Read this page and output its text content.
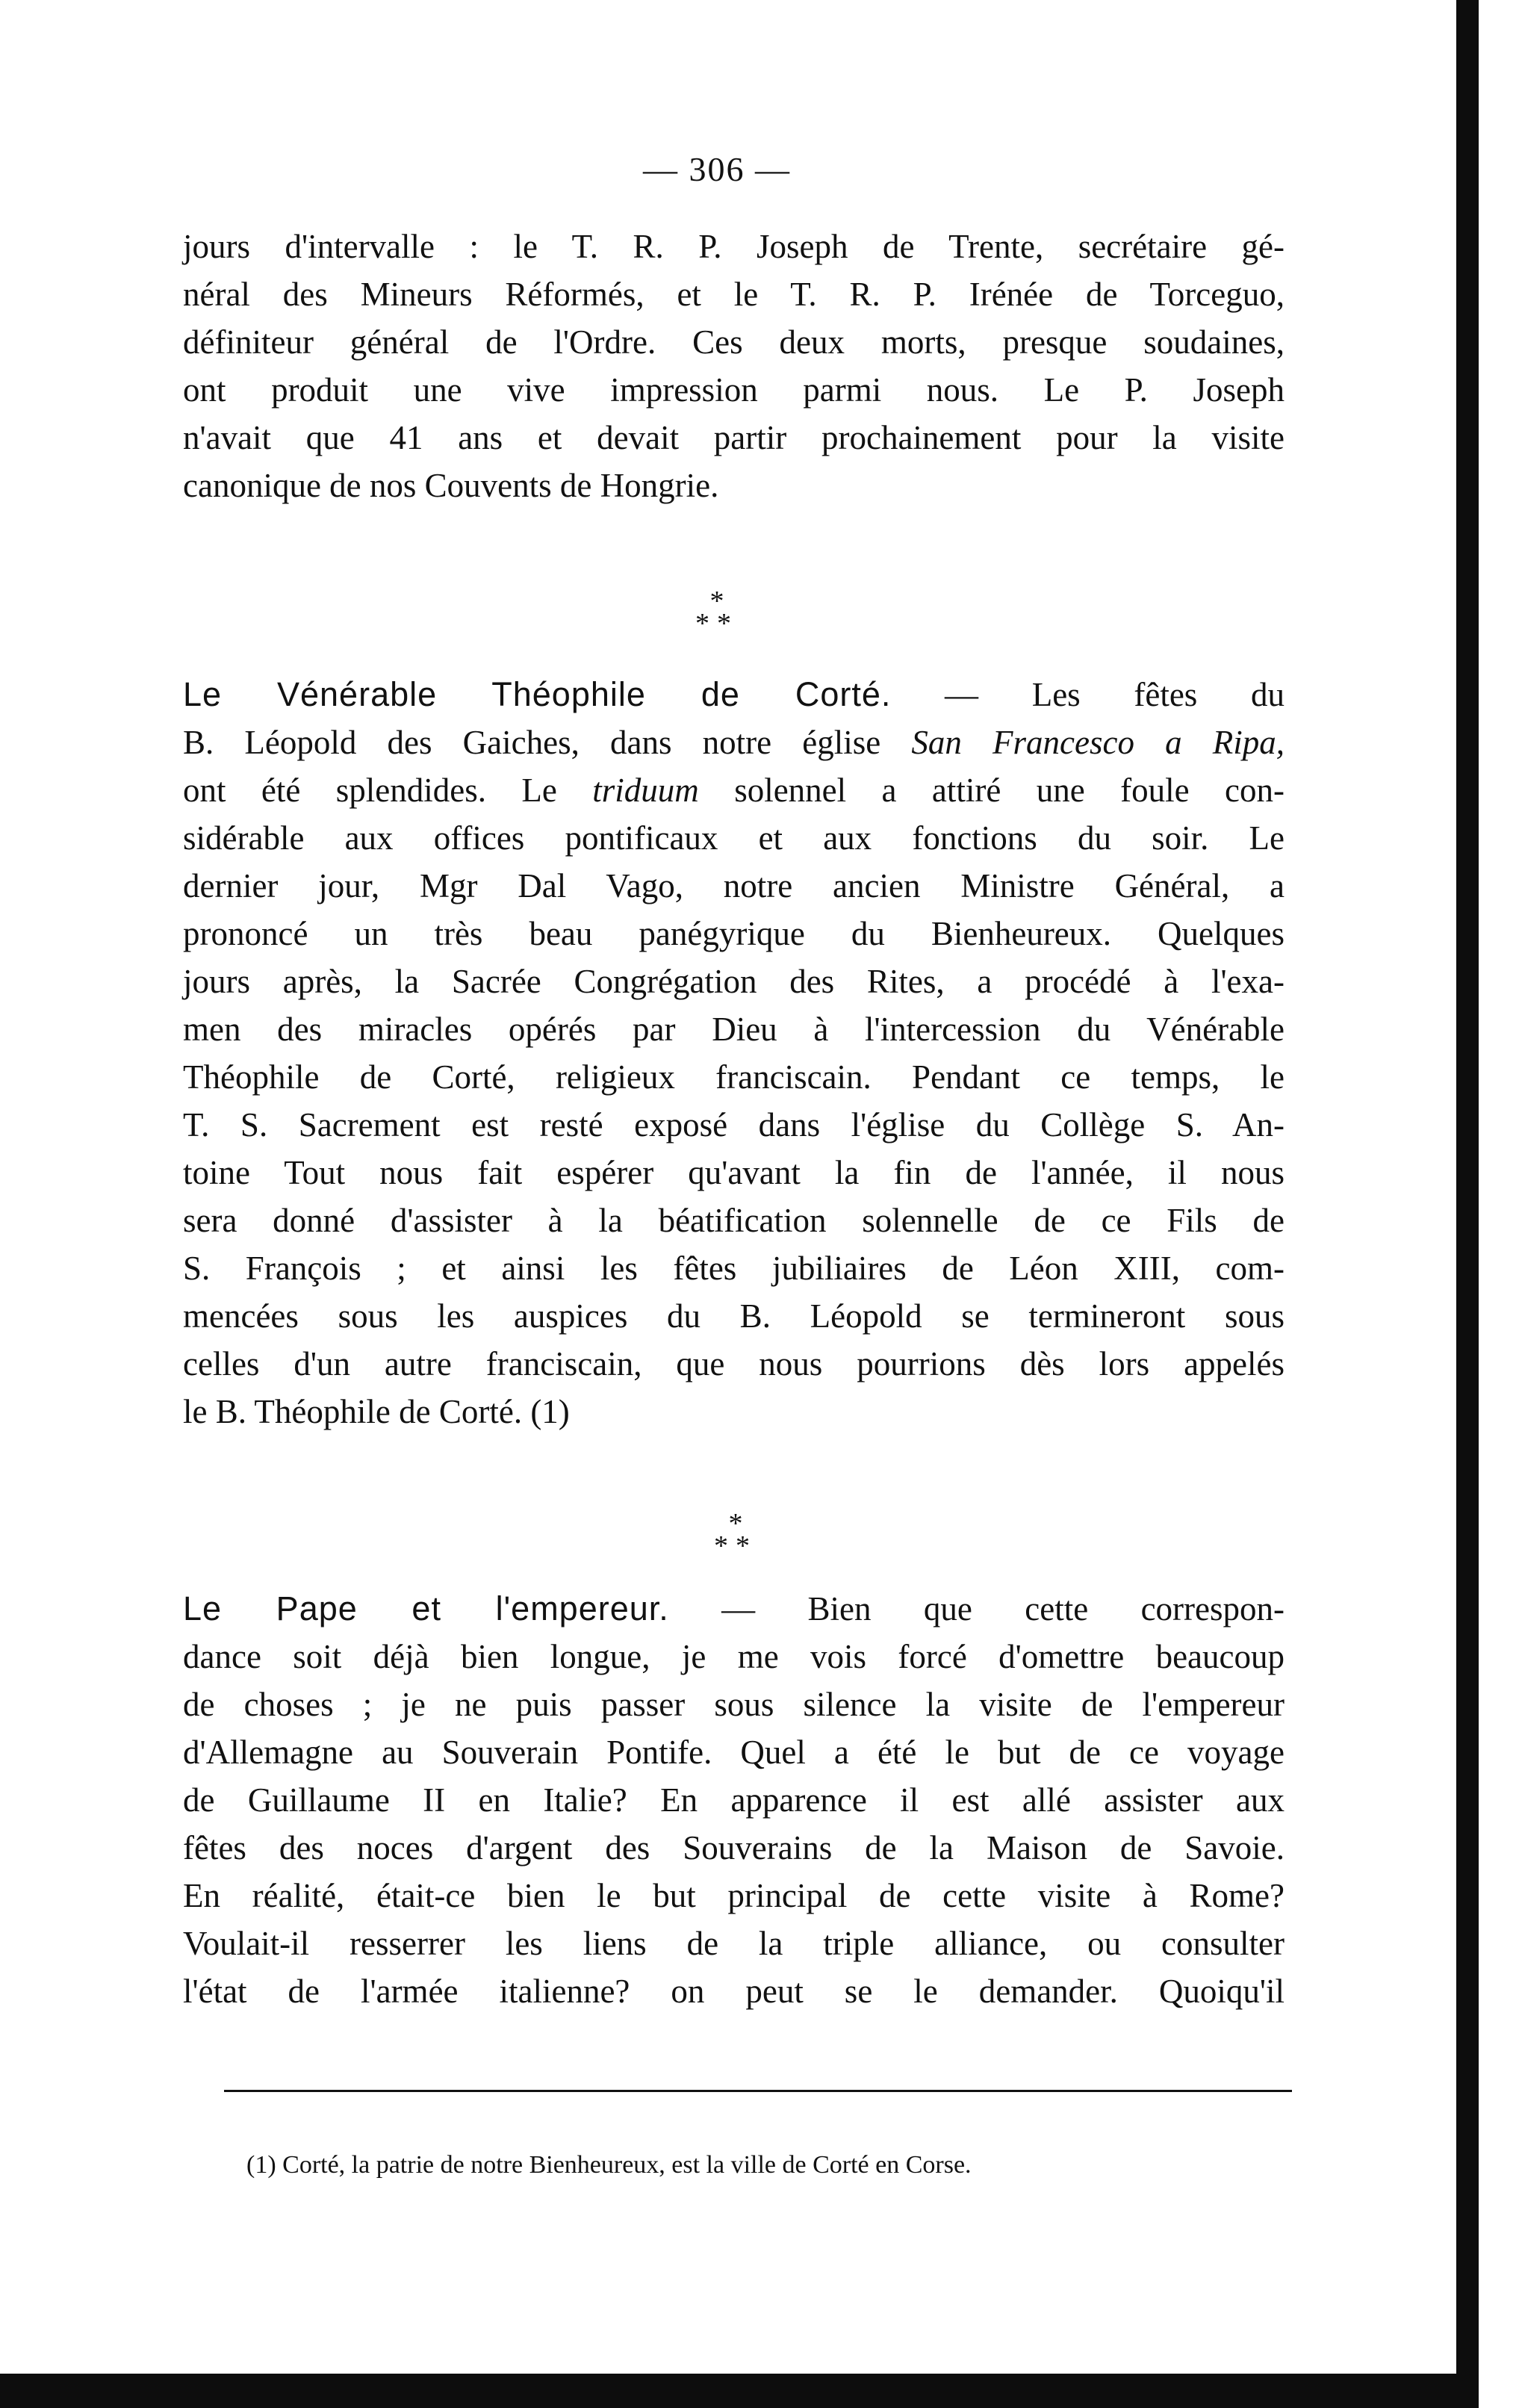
— 306 —
jours d'intervalle : le T. R. P. Joseph de Trente, secrétaire gé-
néral des Mineurs Réformés, et le T. R. P. Irénée de Torceguo,
définiteur général de l'Ordre. Ces deux morts, presque soudaines,
ont produit une vive impression parmi nous. Le P. Joseph
n'avait que 41 ans et devait partir prochainement pour la visite
canonique de nos Couvents de Hongrie.
*
**
Le Vénérable Théophile de Corté. — Les fêtes du
B. Léopold des Gaiches, dans notre église San Francesco a Ripa,
ont été splendides. Le triduum solennel a attiré une foule con-
sidérable aux offices pontificaux et aux fonctions du soir. Le
dernier jour, Mgr Dal Vago, notre ancien Ministre Général, a
prononcé un très beau panégyrique du Bienheureux. Quelques
jours après, la Sacrée Congrégation des Rites, a procédé à l'exa-
men des miracles opérés par Dieu à l'intercession du Vénérable
Théophile de Corté, religieux franciscain. Pendant ce temps, le
T. S. Sacrement est resté exposé dans l'église du Collège S. An-
toine Tout nous fait espérer qu'avant la fin de l'année, il nous
sera donné d'assister à la béatification solennelle de ce Fils de
S. François ; et ainsi les fêtes jubiliaires de Léon XIII, com-
mencées sous les auspices du B. Léopold se termineront sous
celles d'un autre franciscain, que nous pourrions dès lors appelés
le B. Théophile de Corté. (1)
*
**
Le Pape et l'empereur. — Bien que cette correspon-
dance soit déjà bien longue, je me vois forcé d'omettre beaucoup
de choses ; je ne puis passer sous silence la visite de l'empereur
d'Allemagne au Souverain Pontife. Quel a été le but de ce voyage
de Guillaume II en Italie? En apparence il est allé assister aux
fêtes des noces d'argent des Souverains de la Maison de Savoie.
En réalité, était-ce bien le but principal de cette visite à Rome?
Voulait-il resserrer les liens de la triple alliance, ou consulter
l'état de l'armée italienne? on peut se le demander. Quoiqu'il
(1) Corté, la patrie de notre Bienheureux, est la ville de Corté en Corse.
